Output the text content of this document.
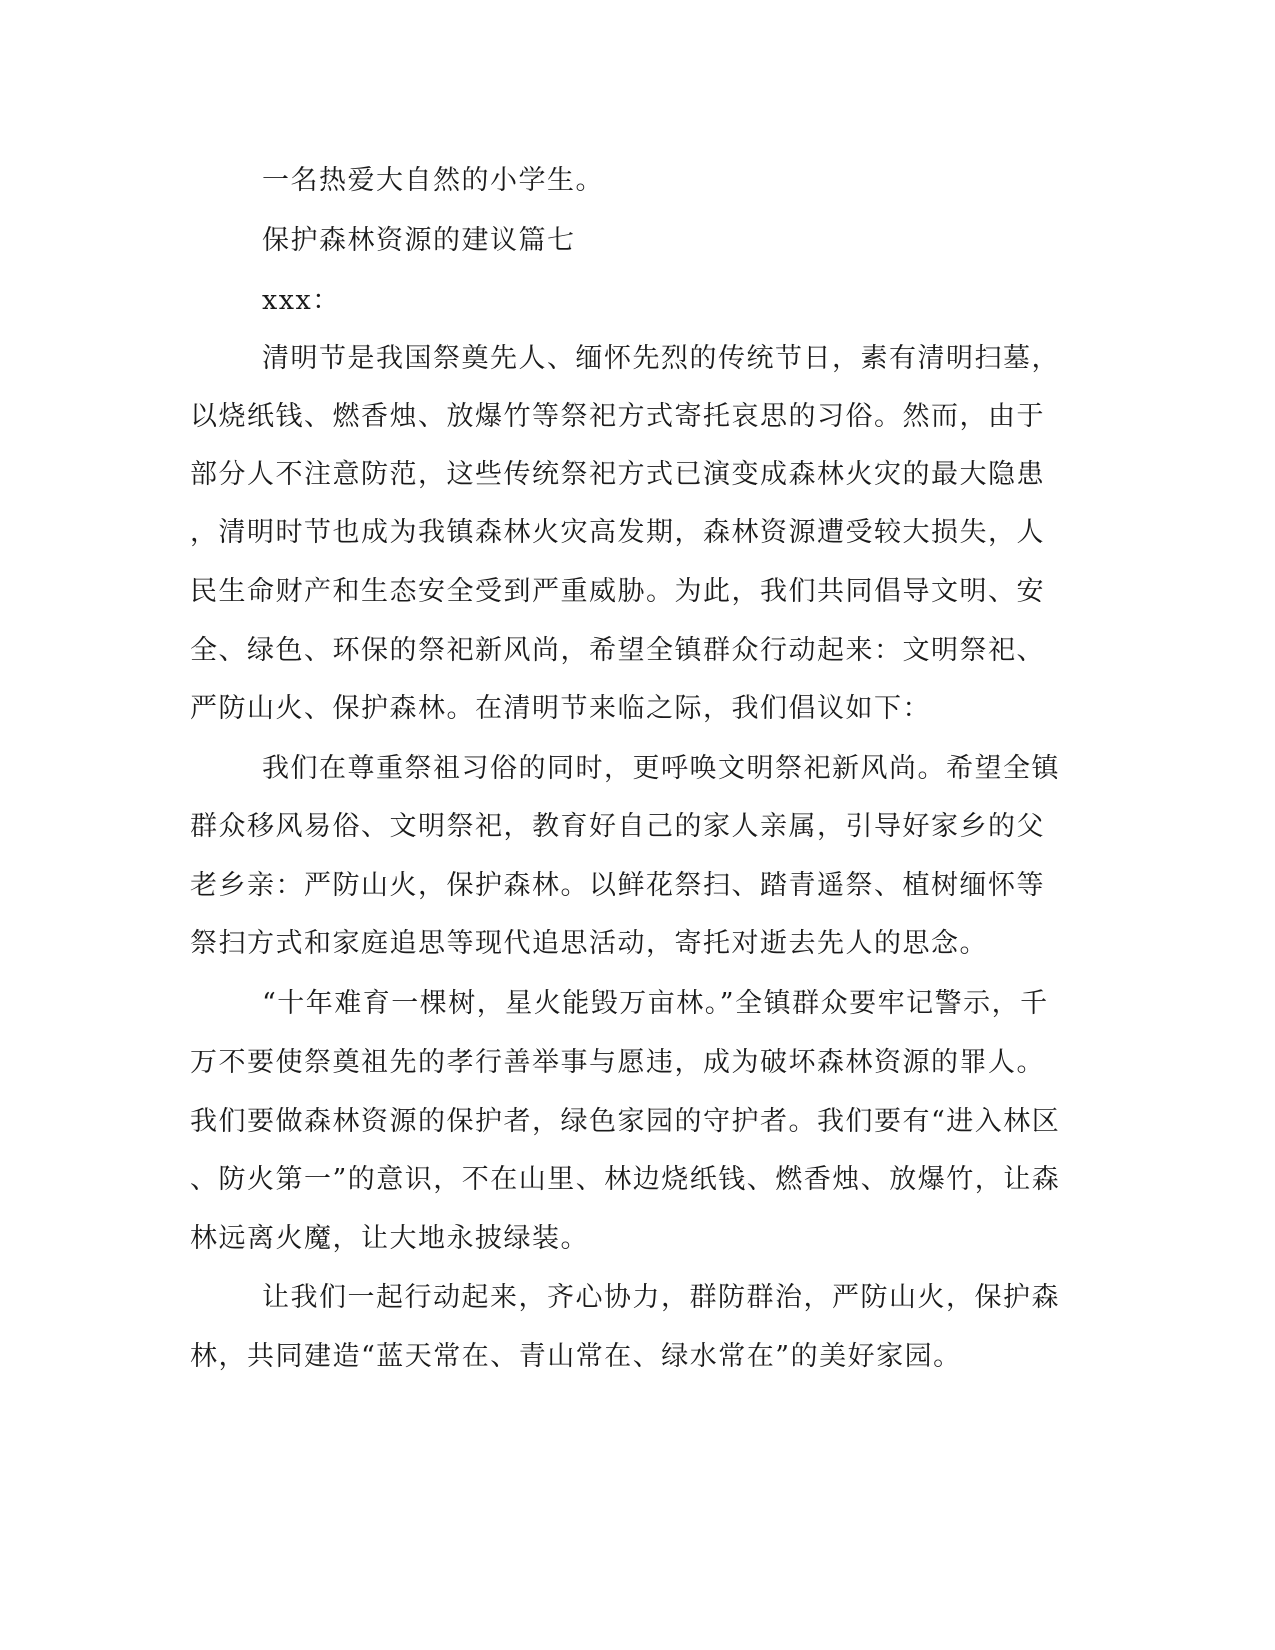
一名热爱大自然的小学生。
保护森林资源的建议篇七
xxx：
清明节是我国祭奠先人、缅怀先烈的传统节日，素有清明扫墓，
以烧纸钱、燃香烛、放爆竹等祭祀方式寄托哀思的习俗。然而，由于
部分人不注意防范，这些传统祭祀方式已演变成森林火灾的最大隐患
，清明时节也成为我镇森林火灾高发期，森林资源遭受较大损失，人
民生命财产和生态安全受到严重威胁。为此，我们共同倡导文明、安
全、绿色、环保的祭祀新风尚，希望全镇群众行动起来：文明祭祀、
严防山火、保护森林。在清明节来临之际，我们倡议如下：
我们在尊重祭祖习俗的同时，更呼唤文明祭祀新风尚。希望全镇
群众移风易俗、文明祭祀，教育好自己的家人亲属，引导好家乡的父
老乡亲：严防山火，保护森林。以鲜花祭扫、踏青遥祭、植树缅怀等
祭扫方式和家庭追思等现代追思活动，寄托对逝去先人的思念。
“十年难育一棵树，星火能毁万亩林。”全镇群众要牢记警示，千
万不要使祭奠祖先的孝行善举事与愿违，成为破坏森林资源的罪人。
我们要做森林资源的保护者，绿色家园的守护者。我们要有“进入林区
、防火第一”的意识，不在山里、林边烧纸钱、燃香烛、放爆竹，让森
林远离火魔，让大地永披绿装。
让我们一起行动起来，齐心协力，群防群治，严防山火，保护森
林，共同建造“蓝天常在、青山常在、绿水常在”的美好家园。
